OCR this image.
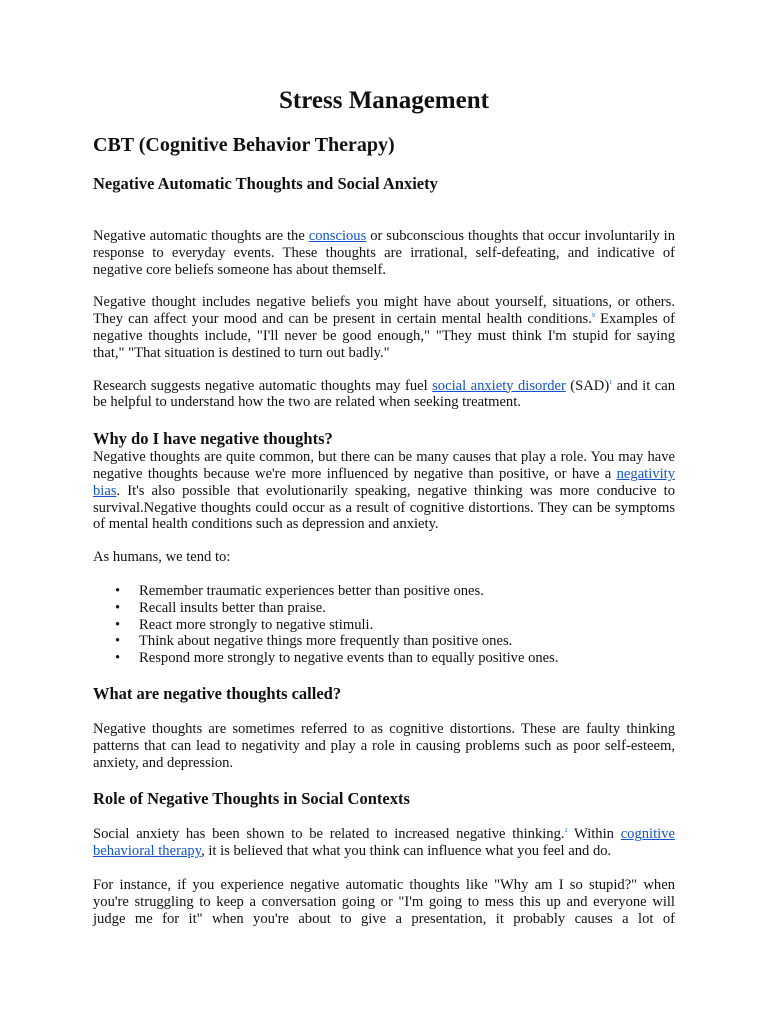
Stress Management
CBT (Cognitive Behavior Therapy)
Negative Automatic Thoughts and Social Anxiety

Negative automatic thoughts are the conscious or subconscious thoughts that occur involuntarily in response to everyday events. These thoughts are irrational, self-defeating, and indicative of negative core beliefs someone has about themself.

Negative thought includes negative beliefs you might have about yourself, situations, or others. They can affect your mood and can be present in certain mental health conditions.$^9$ Examples of negative thoughts include, "I'll never be good enough," "They must think I'm stupid for saying that," "That situation is destined to turn out badly."

Research suggests negative automatic thoughts may fuel social anxiety disorder (SAD)$^1$ and it can be helpful to understand how the two are related when seeking treatment.

Why do I have negative thoughts?

Negative thoughts are quite common, but there can be many causes that play a role. You may have negative thoughts because we're more influenced by negative than positive, or have a negativity bias. It's also possible that evolutionarily speaking, negative thinking was more conducive to survival.Negative thoughts could occur as a result of cognitive distortions. They can be symptoms of mental health conditions such as depression and anxiety.

As humans, we tend to:

• Remember traumatic experiences better than positive ones.
• Recall insults better than praise.
• React more strongly to negative stimuli.
• Think about negative things more frequently than positive ones.
• Respond more strongly to negative events than to equally positive ones.
What are negative thoughts called?

Negative thoughts are sometimes referred to as cognitive distortions. These are faulty thinking patterns that can lead to negativity and play a role in causing problems such as poor self-esteem, anxiety, and depression.

Role of Negative Thoughts in Social Contexts

Social anxiety has been shown to be related to increased negative thinking.$^2$ Within cognitive behavioral therapy, it is believed that what you think can influence what you feel and do.

For instance, if you experience negative automatic thoughts like "Why am I so stupid?" when you're struggling to keep a conversation going or "I'm going to mess this up and everyone will judge me for it" when you're about to give a presentation, it probably causes a lot of
